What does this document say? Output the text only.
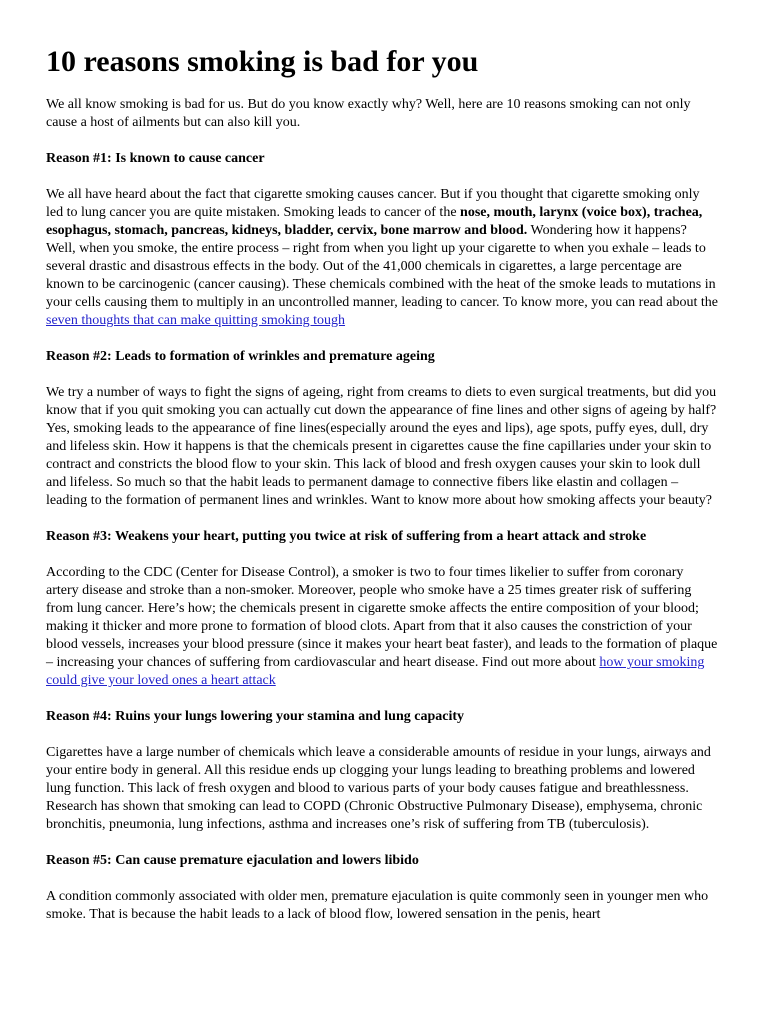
10 reasons smoking is bad for you

We all know smoking is bad for us. But do you know exactly why? Well, here are 10 reasons smoking can not only cause a host of ailments but can also kill you.

Reason #1: Is known to cause cancer

We all have heard about the fact that cigarette smoking causes cancer. But if you thought that cigarette smoking only led to lung cancer you are quite mistaken. Smoking leads to cancer of the nose, mouth, larynx (voice box), trachea, esophagus, stomach, pancreas, kidneys, bladder, cervix, bone marrow and blood. Wondering how it happens? Well, when you smoke, the entire process – right from when you light up your cigarette to when you exhale – leads to several drastic and disastrous effects in the body. Out of the 41,000 chemicals in cigarettes, a large percentage are known to be carcinogenic (cancer causing). These chemicals combined with the heat of the smoke leads to mutations in your cells causing them to multiply in an uncontrolled manner, leading to cancer. To know more, you can read about the seven thoughts that can make quitting smoking tough

Reason #2: Leads to formation of wrinkles and premature ageing

We try a number of ways to fight the signs of ageing, right from creams to diets to even surgical treatments, but did you know that if you quit smoking you can actually cut down the appearance of fine lines and other signs of ageing by half? Yes, smoking leads to the appearance of fine lines(especially around the eyes and lips), age spots, puffy eyes, dull, dry and lifeless skin. How it happens is that the chemicals present in cigarettes cause the fine capillaries under your skin to contract and constricts the blood flow to your skin. This lack of blood and fresh oxygen causes your skin to look dull and lifeless. So much so that the habit leads to permanent damage to connective fibers like elastin and collagen – leading to the formation of permanent lines and wrinkles. Want to know more about how smoking affects your beauty?

Reason #3: Weakens your heart, putting you twice at risk of suffering from a heart attack and stroke

According to the CDC (Center for Disease Control), a smoker is two to four times likelier to suffer from coronary artery disease and stroke than a non-smoker. Moreover, people who smoke have a 25 times greater risk of suffering from lung cancer. Here’s how; the chemicals present in cigarette smoke affects the entire composition of your blood; making it thicker and more prone to formation of blood clots. Apart from that it also causes the constriction of your blood vessels, increases your blood pressure (since it makes your heart beat faster), and leads to the formation of plaque – increasing your chances of suffering from cardiovascular and heart disease. Find out more about how your smoking could give your loved ones a heart attack

Reason #4: Ruins your lungs lowering your stamina and lung capacity

Cigarettes have a large number of chemicals which leave a considerable amounts of residue in your lungs, airways and your entire body in general. All this residue ends up clogging your lungs leading to breathing problems and lowered lung function. This lack of fresh oxygen and blood to various parts of your body causes fatigue and breathlessness. Research has shown that smoking can lead to COPD (Chronic Obstructive Pulmonary Disease), emphysema, chronic bronchitis, pneumonia, lung infections, asthma and increases one’s risk of suffering from TB (tuberculosis).

Reason #5: Can cause premature ejaculation and lowers libido

A condition commonly associated with older men, premature ejaculation is quite commonly seen in younger men who smoke. That is because the habit leads to a lack of blood flow, lowered sensation in the penis, heart
